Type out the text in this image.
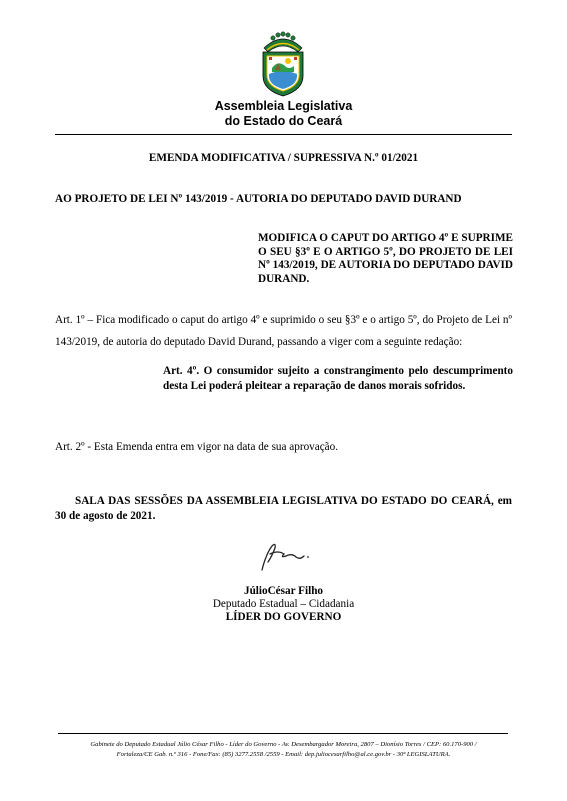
Assembleia Legislativa
do Estado do Ceará
EMENDA MODIFICATIVA / SUPRESSIVA N.º 01/2021
AO PROJETO DE LEI Nº 143/2019 - AUTORIA DO DEPUTADO DAVID DURAND
MODIFICA O CAPUT DO ARTIGO 4º E SUPRIME O SEU §3º E O ARTIGO 5º, DO PROJETO DE LEI Nº 143/2019, DE AUTORIA DO DEPUTADO DAVID DURAND.
Art. 1º – Fica modificado o caput do artigo 4º e suprimido o seu §3º e o artigo 5º, do Projeto de Lei nº 143/2019, de autoria do deputado David Durand, passando a viger com a seguinte redação:
Art. 4º. O consumidor sujeito a constrangimento pelo descumprimento desta Lei poderá pleitear a reparação de danos morais sofridos.
Art. 2º - Esta Emenda entra em vigor na data de sua aprovação.
SALA DAS SESSÕES DA ASSEMBLEIA LEGISLATIVA DO ESTADO DO CEARÁ, em 30 de agosto de 2021.
JúlioCésar Filho
Deputado Estadual – Cidadania
LÍDER DO GOVERNO
Gabinete do Deputado Estadual Júlio César Filho - Líder do Governo - Av. Desembargador Moreira, 2807 – Dionísio Torres / CEP: 60.170-900 /
Fortaleza/CE Gab. n.º 316 - Fone/Fax: (85) 3277.2558 /2559 - Email: dep.juliocesarfilho@al.ce.gov.br - 30ª LEGISLATURA.
